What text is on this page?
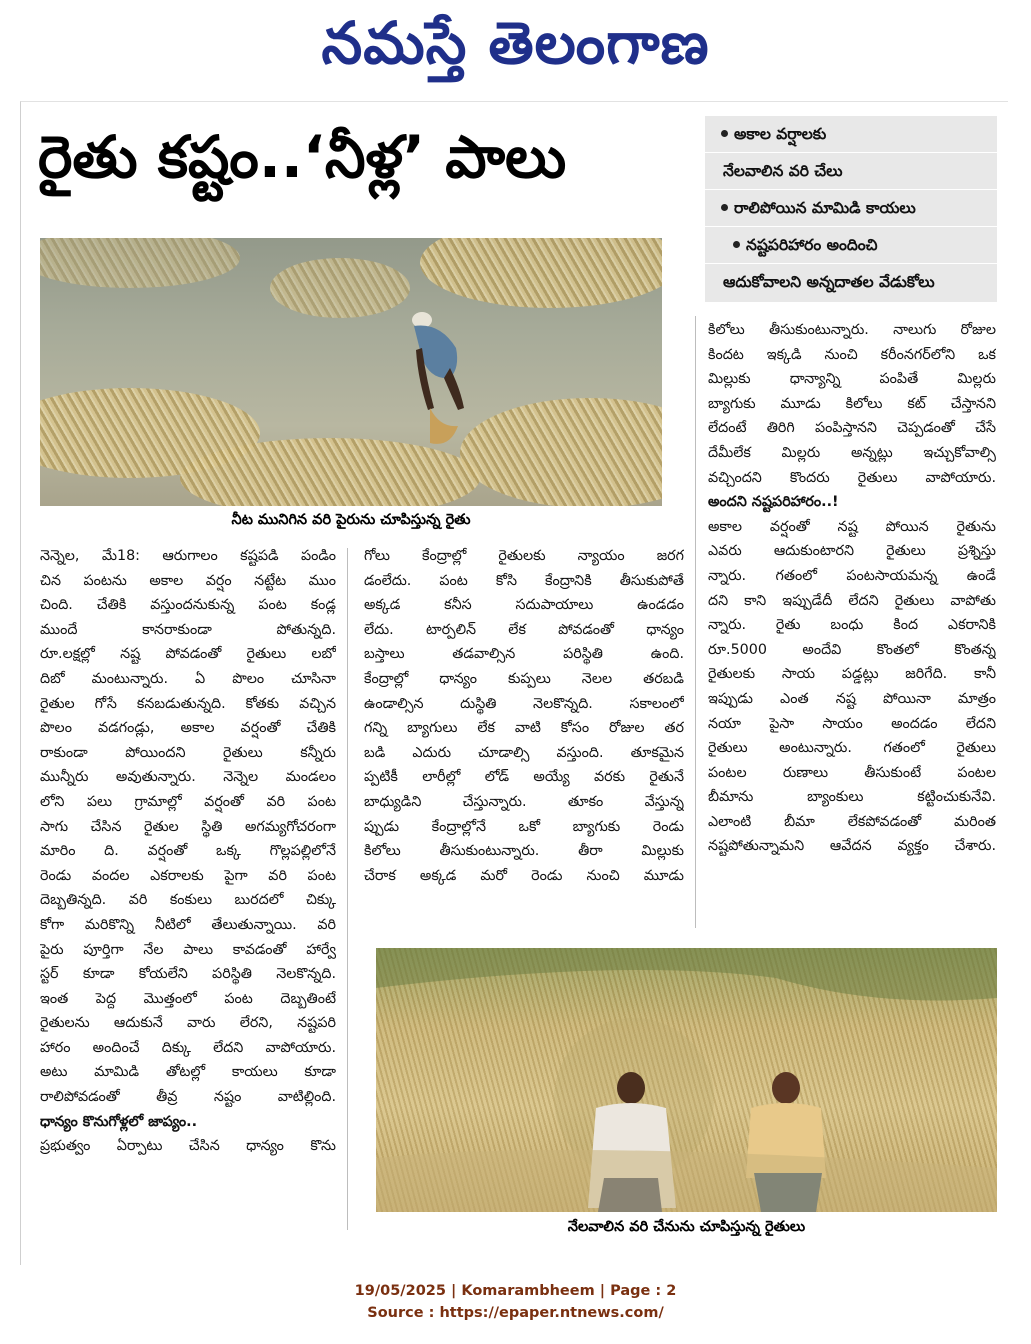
నమస్తే తెలంగాణ
రైతు కష్టం..‘నీళ్ల’ పాలు	అకాల వర్షాలకు
నేలవాలిన వరి చేలు
రాలిపోయిన మామిడి కాయలు
నష్టపరిహారం అందించి
ఆదుకోవాలని అన్నదాతల వేడుకోలు
నీట మునిగిన వరి పైరును చూపిస్తున్న రైతు
నెన్నెల, మే18: ఆరుగాలం కష్టపడి పండిం
చిన పంటను అకాల వర్షం నట్టేట ముం
చింది. చేతికి వస్తుందనుకున్న పంట కండ్ల
ముందే కానరాకుండా పోతున్నది.
రూ.లక్షల్లో నష్ట పోవడంతో రైతులు లబో
దిబో మంటున్నారు. ఏ పొలం చూసినా
రైతుల గోసే కనబడుతున్నది. కోతకు వచ్చిన
పొలం వడగండ్లు, అకాల వర్షంతో చేతికి
రాకుండా పోయిందని రైతులు కన్నీరు
మున్నీరు అవుతున్నారు. నెన్నెల మండలం
లోని పలు గ్రామాల్లో వర్షంతో వరి పంట
సాగు చేసిన రైతుల స్థితి అగమ్యగోచరంగా
మారిం ది. వర్షంతో ఒక్క గొల్లపల్లిలోనే
రెండు వందల ఎకరాలకు పైగా వరి పంట
దెబ్బతిన్నది. వరి కంకులు బురదలో చిక్కు
కోగా మరికొన్ని నీటిలో తేలుతున్నాయి. వరి
పైరు పూర్తిగా నేల పాలు కావడంతో హార్వే
స్టర్ కూడా కోయలేని పరిస్థితి నెలకొన్నది.
ఇంత పెద్ద మొత్తంలో పంట దెబ్బతింటే
రైతులను ఆదుకునే వారు లేరని, నష్టపరి
హారం అందించే దిక్కు లేదని వాపోయారు.
అటు మామిడి తోటల్లో కాయలు కూడా
రాలిపోవడంతో తీవ్ర నష్టం వాటిల్లింది.
ధాన్యం కొనుగోళ్లలో జాప్యం..
ప్రభుత్వం ఏర్పాటు చేసిన ధాన్యం కొను
గోలు కేంద్రాల్లో రైతులకు న్యాయం జరగ
డంలేదు. పంట కోసి కేంద్రానికి తీసుకుపోతే
అక్కడ కనీస సదుపాయాలు ఉండడం
లేదు. టార్పలిన్ లేక పోవడంతో ధాన్యం
బస్తాలు తడవాల్సిన పరిస్థితి ఉంది.
కేంద్రాల్లో ధాన్యం కుప్పలు నెలల తరబడి
ఉండాల్సిన దుస్థితి నెలకొన్నది. సకాలంలో
గన్ని బ్యాగులు లేక వాటి కోసం రోజుల తర
బడి ఎదురు చూడాల్సి వస్తుంది. తూకమైన
ప్పటికీ లారీల్లో లోడ్ అయ్యే వరకు రైతునే
బాధ్యుడిని చేస్తున్నారు. తూకం వేస్తున్న
ప్పుడు కేంద్రాల్లోనే ఒకో బ్యాగుకు రెండు
కిలోలు తీసుకుంటున్నారు. తీరా మిల్లుకు
చేరాక అక్కడ మరో రెండు నుంచి మూడు
కిలోలు తీసుకుంటున్నారు. నాలుగు రోజుల
కిందట ఇక్కడి నుంచి కరీంనగర్‌లోని ఒక
మిల్లుకు ధాన్యాన్ని పంపితే మిల్లరు
బ్యాగుకు మూడు కిలోలు కట్ చేస్తానని
లేదంటే తిరిగి పంపిస్తానని చెప్పడంతో చేసే
దేమీలేక మిల్లరు అన్నట్లు ఇచ్చుకోవాల్సి
వచ్చిందని కొందరు రైతులు వాపోయారు.
అందని నష్టపరిహారం..!
అకాల వర్షంతో నష్ట పోయిన రైతును
ఎవరు ఆదుకుంటారని రైతులు ప్రశ్నిస్తు
న్నారు. గతంలో పంటసాయమన్న ఉండే
దని కాని ఇప్పుడేదీ లేదని రైతులు వాపోతు
న్నారు. రైతు బంధు కింద ఎకరానికి
రూ.5000 అందేవి కొంతలో కొంతన్న
రైతులకు సాయ పడ్డట్లు జరిగేది. కానీ
ఇప్పుడు ఎంత నష్ట పోయినా మాత్రం
నయా పైసా సాయం అందడం లేదని
రైతులు అంటున్నారు. గతంలో రైతులు
పంటల రుణాలు తీసుకుంటే పంటల
బీమాను బ్యాంకులు కట్టించుకునేవి.
ఎలాంటి బీమా లేకపోవడంతో మరింత
నష్టపోతున్నామని ఆవేదన వ్యక్తం చేశారు.
నేలవాలిన వరి చేనును చూపిస్తున్న రైతులు
19/05/2025 | Komarambheem | Page : 2
Source : https://epaper.ntnews.com/
